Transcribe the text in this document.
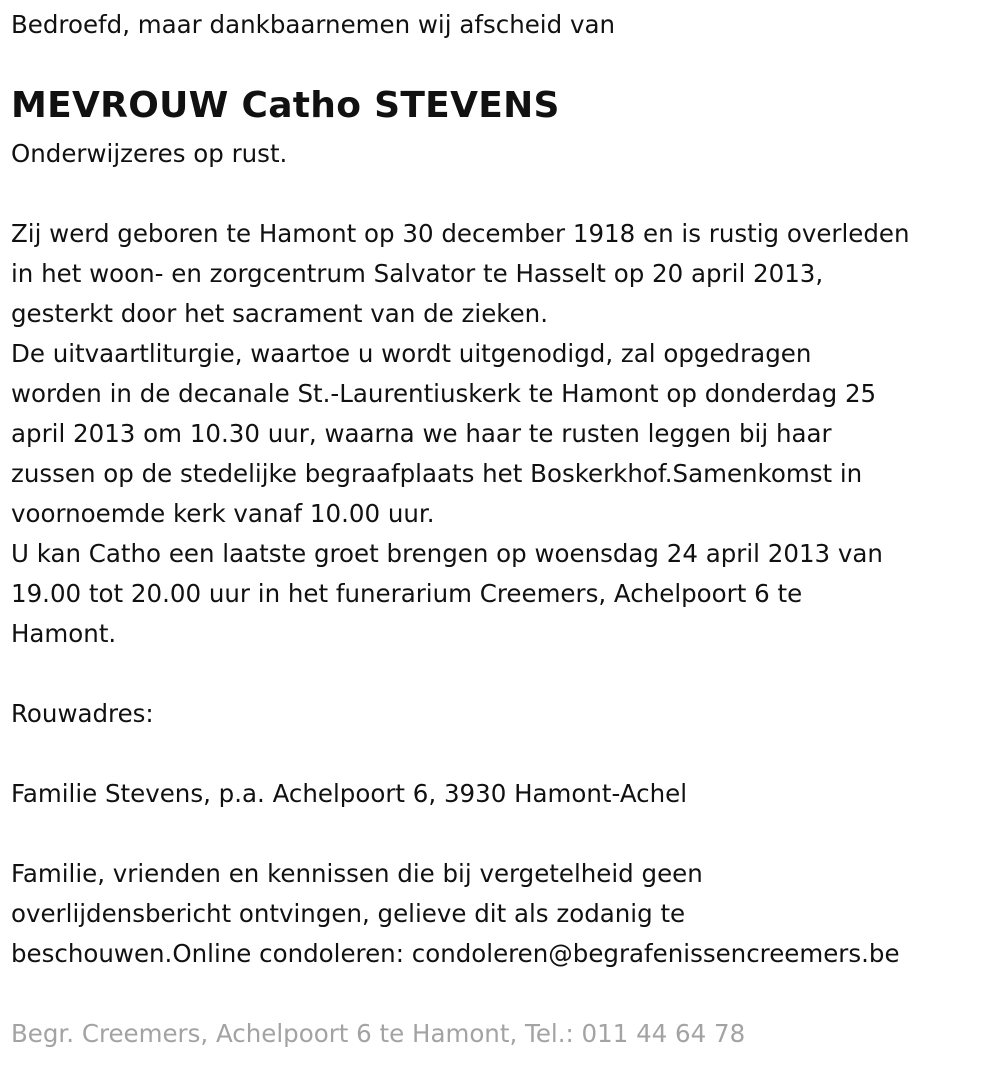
Bedroefd, maar dankbaarnemen wij afscheid van
MEVROUW Catho STEVENS
Onderwijzeres op rust.
Zij werd geboren te Hamont op 30 december 1918 en is rustig overleden
in het woon- en zorgcentrum Salvator te Hasselt op 20 april 2013,
gesterkt door het sacrament van de zieken.
De uitvaartliturgie, waartoe u wordt uitgenodigd, zal opgedragen
worden in de decanale St.-Laurentiuskerk te Hamont op donderdag 25
april 2013 om 10.30 uur, waarna we haar te rusten leggen bij haar
zussen op de stedelijke begraafplaats het Boskerkhof.Samenkomst in
voornoemde kerk vanaf 10.00 uur.
U kan Catho een laatste groet brengen op woensdag 24 april 2013 van
19.00 tot 20.00 uur in het funerarium Creemers, Achelpoort 6 te
Hamont.
Rouwadres:
Familie Stevens, p.a. Achelpoort 6, 3930 Hamont-Achel
Familie, vrienden en kennissen die bij vergetelheid geen
overlijdensbericht ontvingen, gelieve dit als zodanig te
beschouwen.Online condoleren: condoleren@begrafenissencreemers.be
Begr. Creemers, Achelpoort 6 te Hamont, Tel.: 011 44 64 78
